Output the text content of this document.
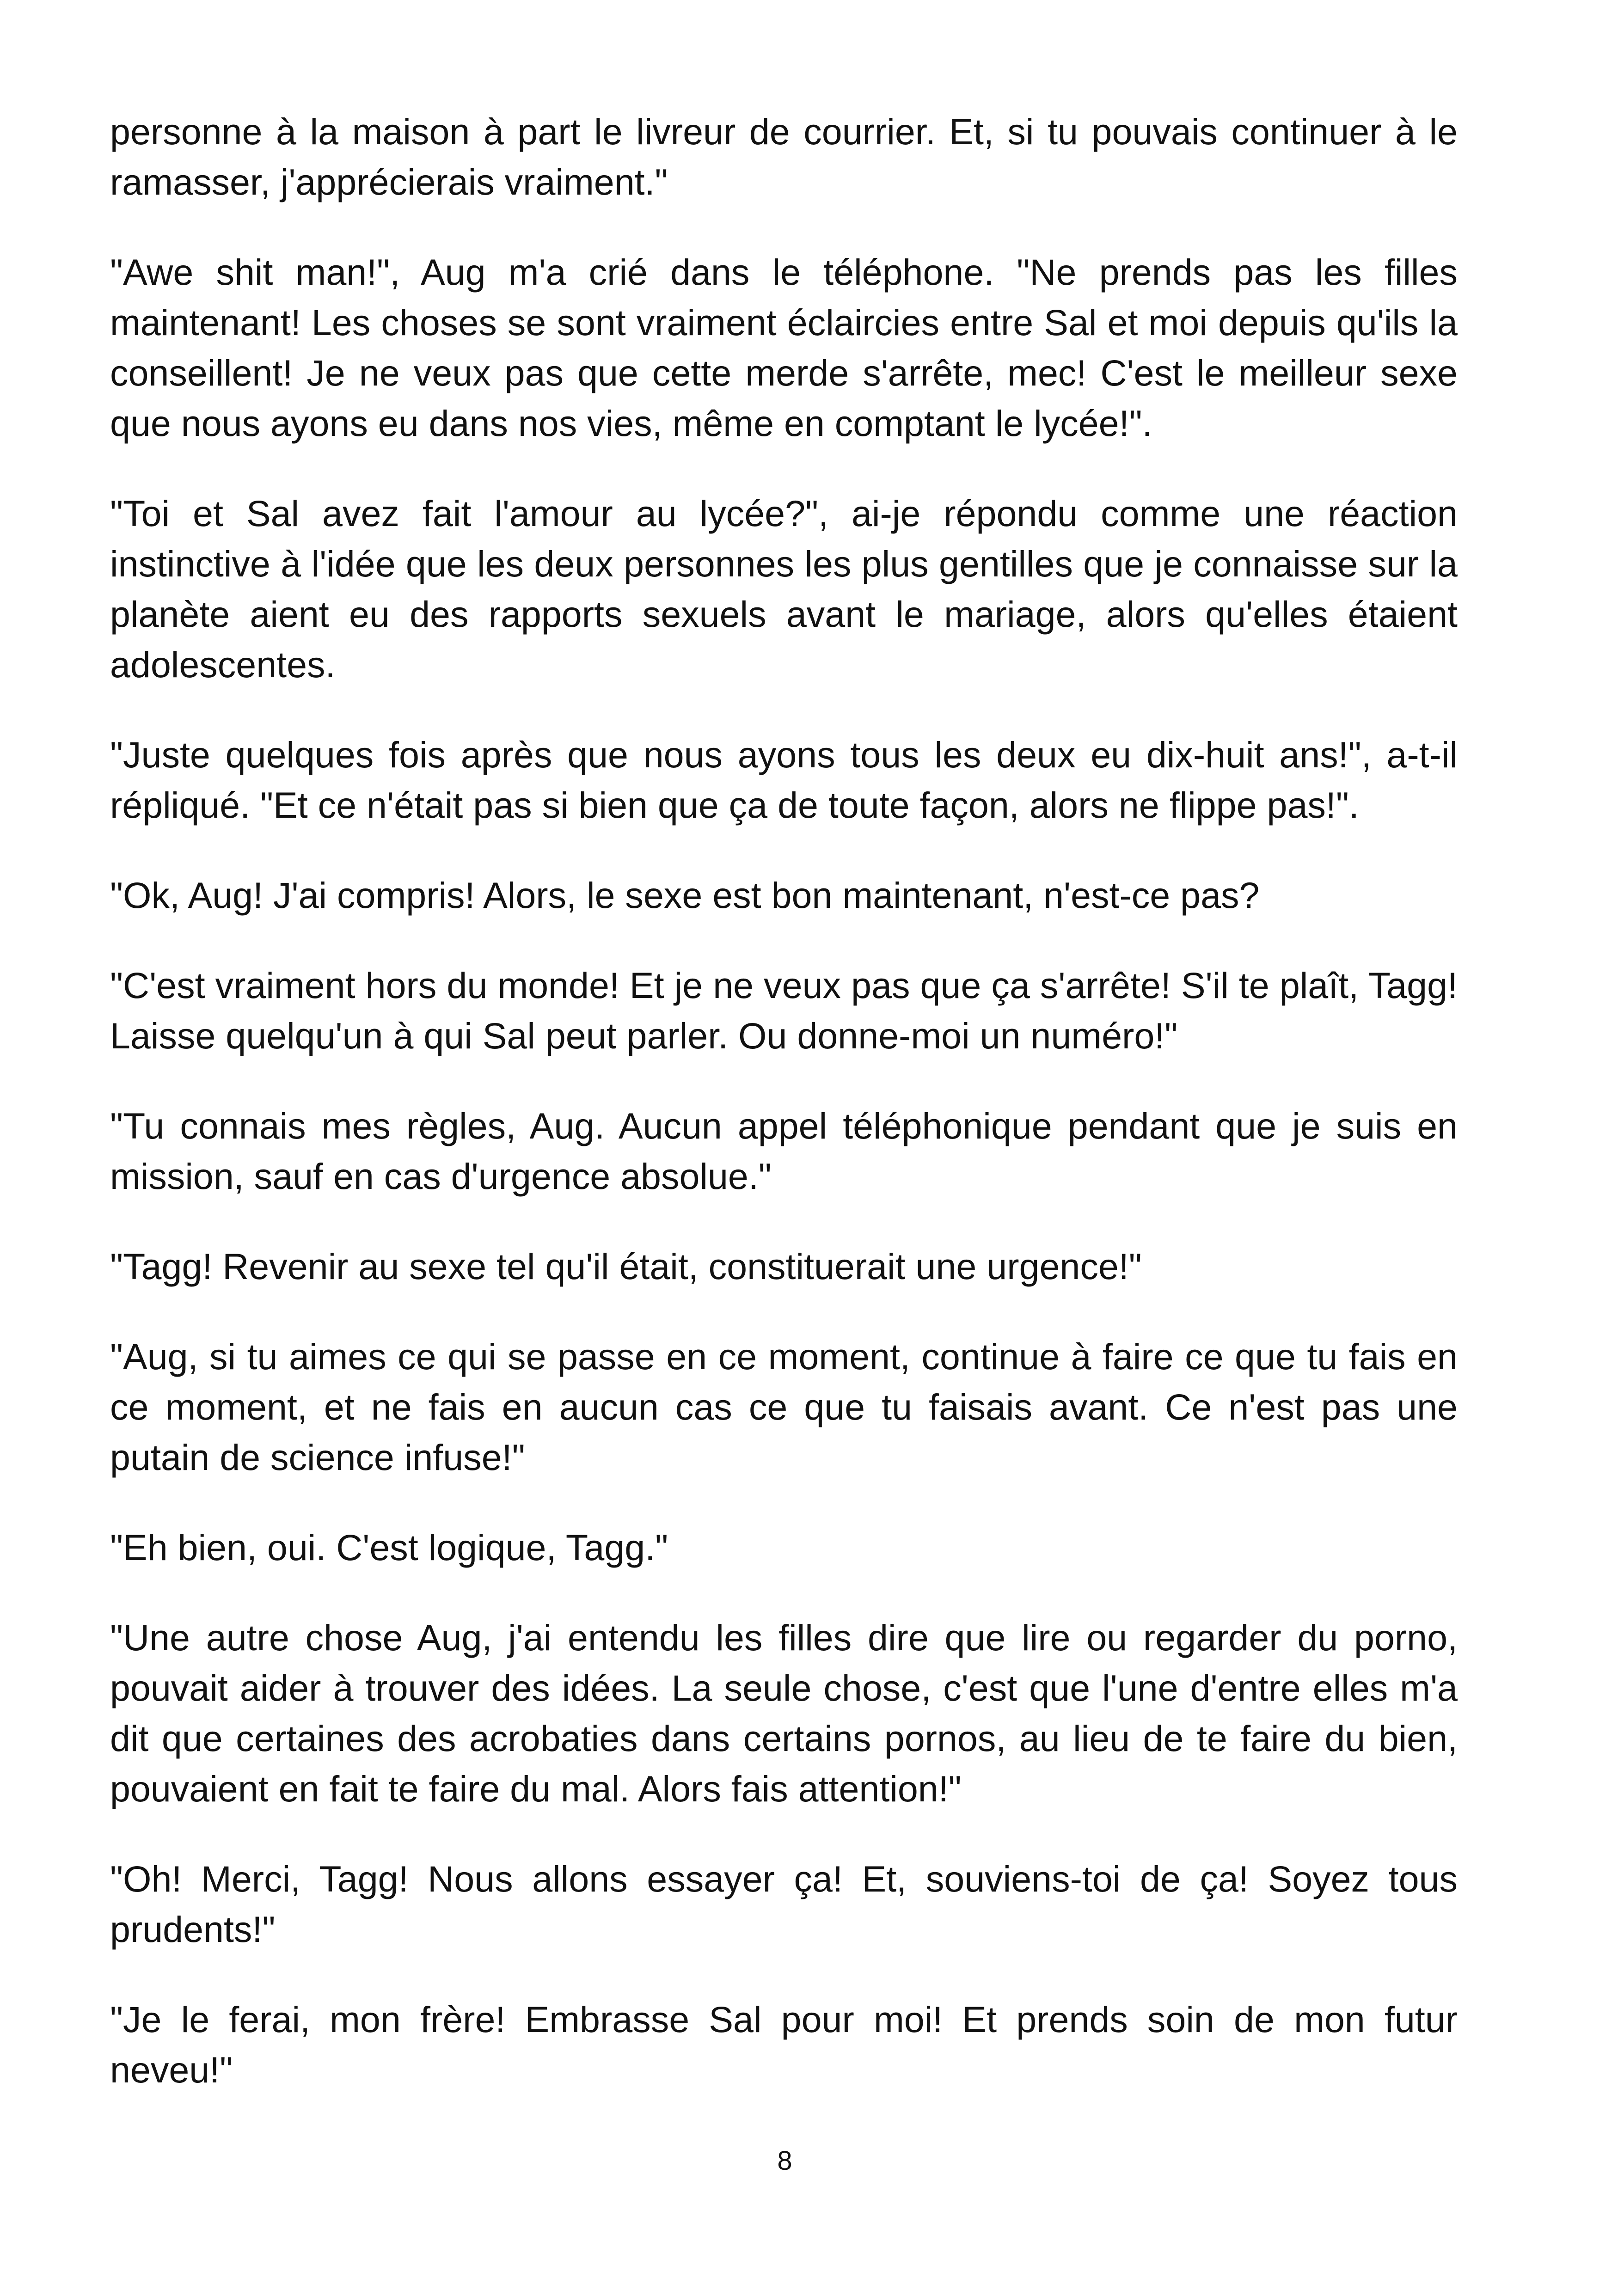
personne à la maison à part le livreur de courrier. Et, si tu pouvais continuer à le ramasser, j'apprécierais vraiment."

"Awe shit man!", Aug m'a crié dans le téléphone. "Ne prends pas les filles maintenant! Les choses se sont vraiment éclaircies entre Sal et moi depuis qu'ils la conseillent! Je ne veux pas que cette merde s'arrête, mec! C'est le meilleur sexe que nous ayons eu dans nos vies, même en comptant le lycée!".

"Toi et Sal avez fait l'amour au lycée?", ai-je répondu comme une réaction instinctive à l'idée que les deux personnes les plus gentilles que je connaisse sur la planète aient eu des rapports sexuels avant le mariage, alors qu'elles étaient adolescentes.

"Juste quelques fois après que nous ayons tous les deux eu dix-huit ans!", a-t-il répliqué. "Et ce n'était pas si bien que ça de toute façon, alors ne flippe pas!".

"Ok, Aug! J'ai compris! Alors, le sexe est bon maintenant, n'est-ce pas?

"C'est vraiment hors du monde! Et je ne veux pas que ça s'arrête! S'il te plaît, Tagg! Laisse quelqu'un à qui Sal peut parler. Ou donne-moi un numéro!"

"Tu connais mes règles, Aug. Aucun appel téléphonique pendant que je suis en mission, sauf en cas d'urgence absolue."

"Tagg! Revenir au sexe tel qu'il était, constituerait une urgence!"

"Aug, si tu aimes ce qui se passe en ce moment, continue à faire ce que tu fais en ce moment, et ne fais en aucun cas ce que tu faisais avant. Ce n'est pas une putain de science infuse!"

"Eh bien, oui. C'est logique, Tagg."

"Une autre chose Aug, j'ai entendu les filles dire que lire ou regarder du porno, pouvait aider à trouver des idées. La seule chose, c'est que l'une d'entre elles m'a dit que certaines des acrobaties dans certains pornos, au lieu de te faire du bien, pouvaient en fait te faire du mal. Alors fais attention!"

"Oh! Merci, Tagg! Nous allons essayer ça! Et, souviens-toi de ça! Soyez tous prudents!"

"Je le ferai, mon frère! Embrasse Sal pour moi! Et prends soin de mon futur neveu!"

8
